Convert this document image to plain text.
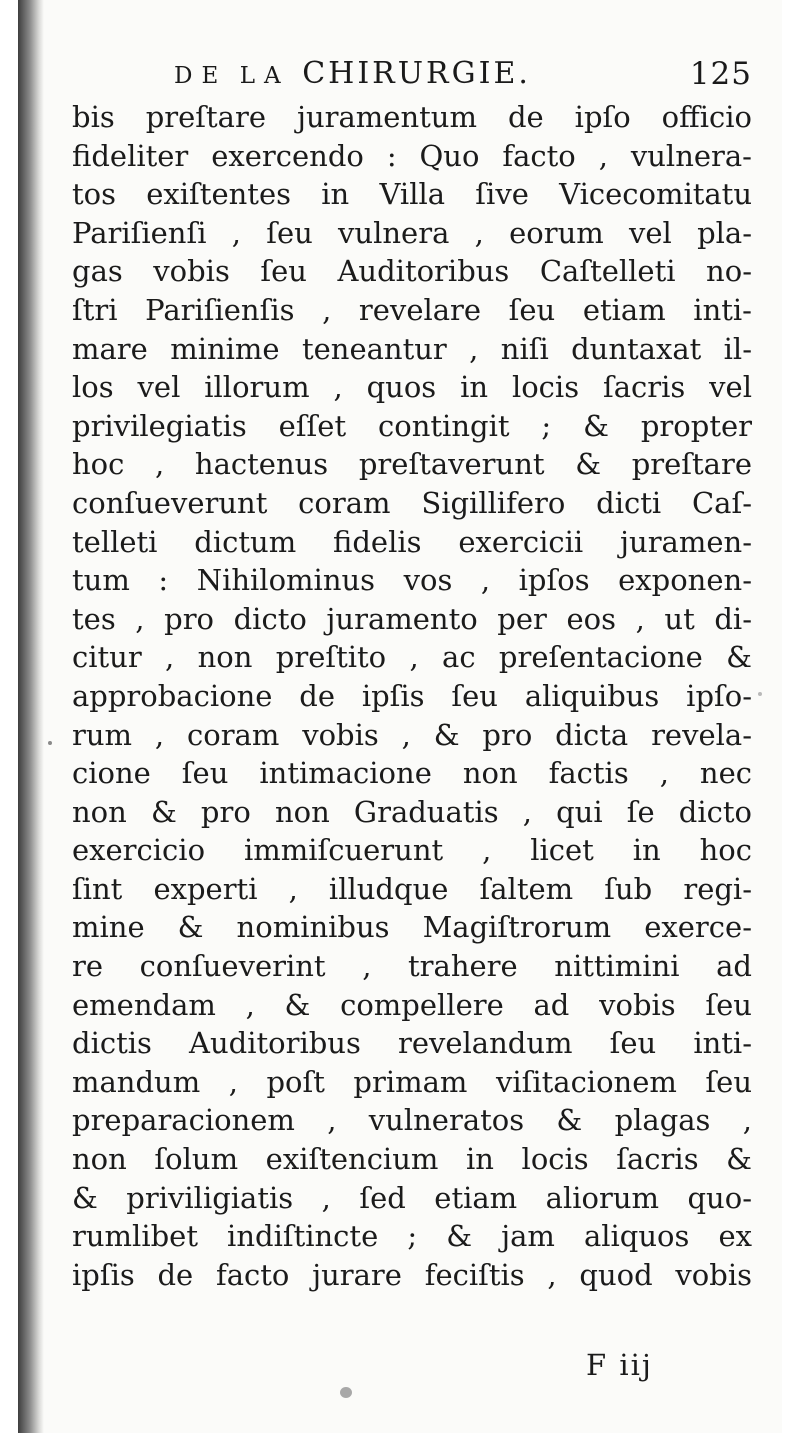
DE LA CHIRURGIE.	125
bis preſtare juramentum de ipſo officio
fideliter exercendo : Quo facto , vulnera-
tos exiſtentes in Villa ſive Vicecomitatu
Pariſienſi , ſeu vulnera , eorum vel pla-
gas vobis ſeu Auditoribus Caſtelleti no-
ſtri Pariſienſis , revelare ſeu etiam inti-
mare minime teneantur , niſi duntaxat il-
los vel illorum , quos in locis ſacris vel
privilegiatis eſſet contingit ; & propter
hoc , hactenus preſtaverunt & preſtare
conſueverunt coram Sigillifero dicti Caſ-
telleti dictum fidelis exercicii juramen-
tum : Nihilominus vos , ipſos exponen-
tes , pro dicto juramento per eos , ut di-
citur , non preſtito , ac preſentacione &
approbacione de ipſis ſeu aliquibus ipſo-
rum , coram vobis , & pro dicta revela-
cione ſeu intimacione non factis , nec
non & pro non Graduatis , qui ſe dicto
exercicio immiſcuerunt , licet in hoc
ſint experti , illudque ſaltem ſub regi-
mine & nominibus Magiſtrorum exerce-
re conſueverint , trahere nittimini ad
emendam , & compellere ad vobis ſeu
dictis Auditoribus revelandum ſeu inti-
mandum , poſt primam viſitacionem ſeu
preparacionem , vulneratos & plagas ,
non ſolum exiſtencium in locis ſacris &
& priviligiatis , ſed etiam aliorum quo-
rumlibet indiſtincte ; & jam aliquos ex
ipſis de facto jurare feciſtis , quod vobis
F iij
